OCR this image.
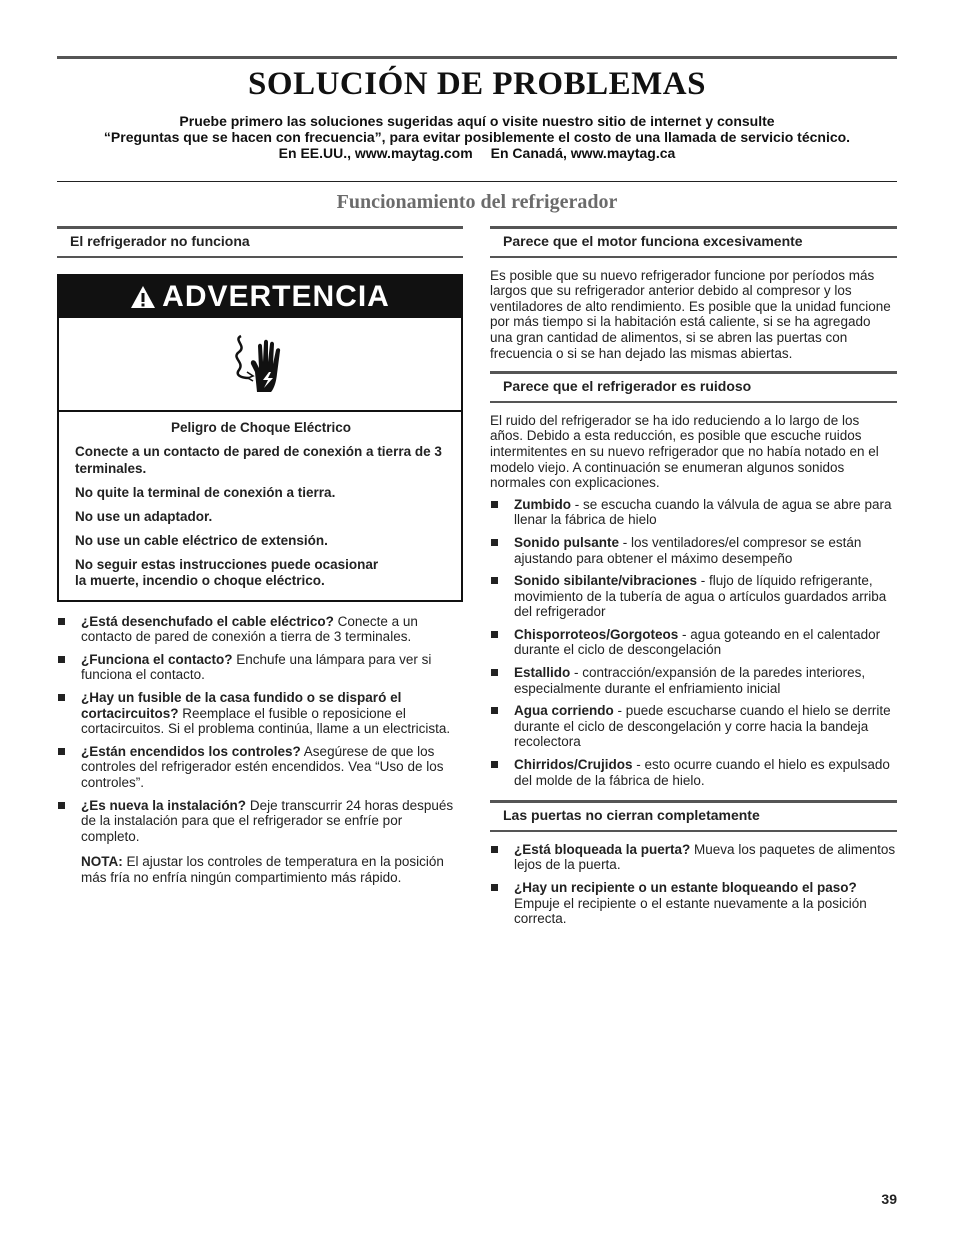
SOLUCIÓN DE PROBLEMAS
Pruebe primero las soluciones sugeridas aquí o visite nuestro sitio de internet y consulte
“Preguntas que se hacen con frecuencia”, para evitar posiblemente el costo de una llamada de servicio técnico.
En EE.UU., www.maytag.com En Canadá, www.maytag.ca
Funcionamiento del refrigerador
El refrigerador no funciona
ADVERTENCIA

Peligro de Choque Eléctrico

Conecte a un contacto de pared de conexión a tierra de 3 terminales.

No quite la terminal de conexión a tierra.

No use un adaptador.

No use un cable eléctrico de extensión.

No seguir estas instrucciones puede ocasionar
la muerte, incendio o choque eléctrico.

¿Está desenchufado el cable eléctrico? Conecte a un contacto de pared de conexión a tierra de 3 terminales.
¿Funciona el contacto? Enchufe una lámpara para ver si funciona el contacto.
¿Hay un fusible de la casa fundido o se disparó el cortacircuitos? Reemplace el fusible o reposicione el cortacircuitos. Si el problema continúa, llame a un electricista.
¿Están encendidos los controles? Asegúrese de que los controles del refrigerador estén encendidos. Vea “Uso de los controles”.
¿Es nueva la instalación? Deje transcurrir 24 horas después de la instalación para que el refrigerador se enfríe por completo.
NOTA: El ajustar los controles de temperatura en la posición más fría no enfría ningún compartimiento más rápido.
Parece que el motor funciona excesivamente

Es posible que su nuevo refrigerador funcione por períodos más largos que su refrigerador anterior debido al compresor y los ventiladores de alto rendimiento. Es posible que la unidad funcione por más tiempo si la habitación está caliente, si se ha agregado una gran cantidad de alimentos, si se abren las puertas con frecuencia o si se han dejado las mismas abiertas.

Parece que el refrigerador es ruidoso

El ruido del refrigerador se ha ido reduciendo a lo largo de los años. Debido a esta reducción, es posible que escuche ruidos intermitentes en su nuevo refrigerador que no había notado en el modelo viejo. A continuación se enumeran algunos sonidos normales con explicaciones.

Zumbido - se escucha cuando la válvula de agua se abre para llenar la fábrica de hielo
Sonido pulsante - los ventiladores/el compresor se están ajustando para obtener el máximo desempeño
Sonido sibilante/vibraciones - flujo de líquido refrigerante, movimiento de la tubería de agua o artículos guardados arriba del refrigerador
Chisporroteos/Gorgoteos - agua goteando en el calentador durante el ciclo de descongelación
Estallido - contracción/expansión de la paredes interiores, especialmente durante el enfriamiento inicial
Agua corriendo - puede escucharse cuando el hielo se derrite durante el ciclo de descongelación y corre hacia la bandeja recolectora
Chirridos/Crujidos - esto ocurre cuando el hielo es expulsado del molde de la fábrica de hielo.
Las puertas no cierran completamente
¿Está bloqueada la puerta? Mueva los paquetes de alimentos lejos de la puerta.
¿Hay un recipiente o un estante bloqueando el paso? Empuje el recipiente o el estante nuevamente a la posición correcta.
39
